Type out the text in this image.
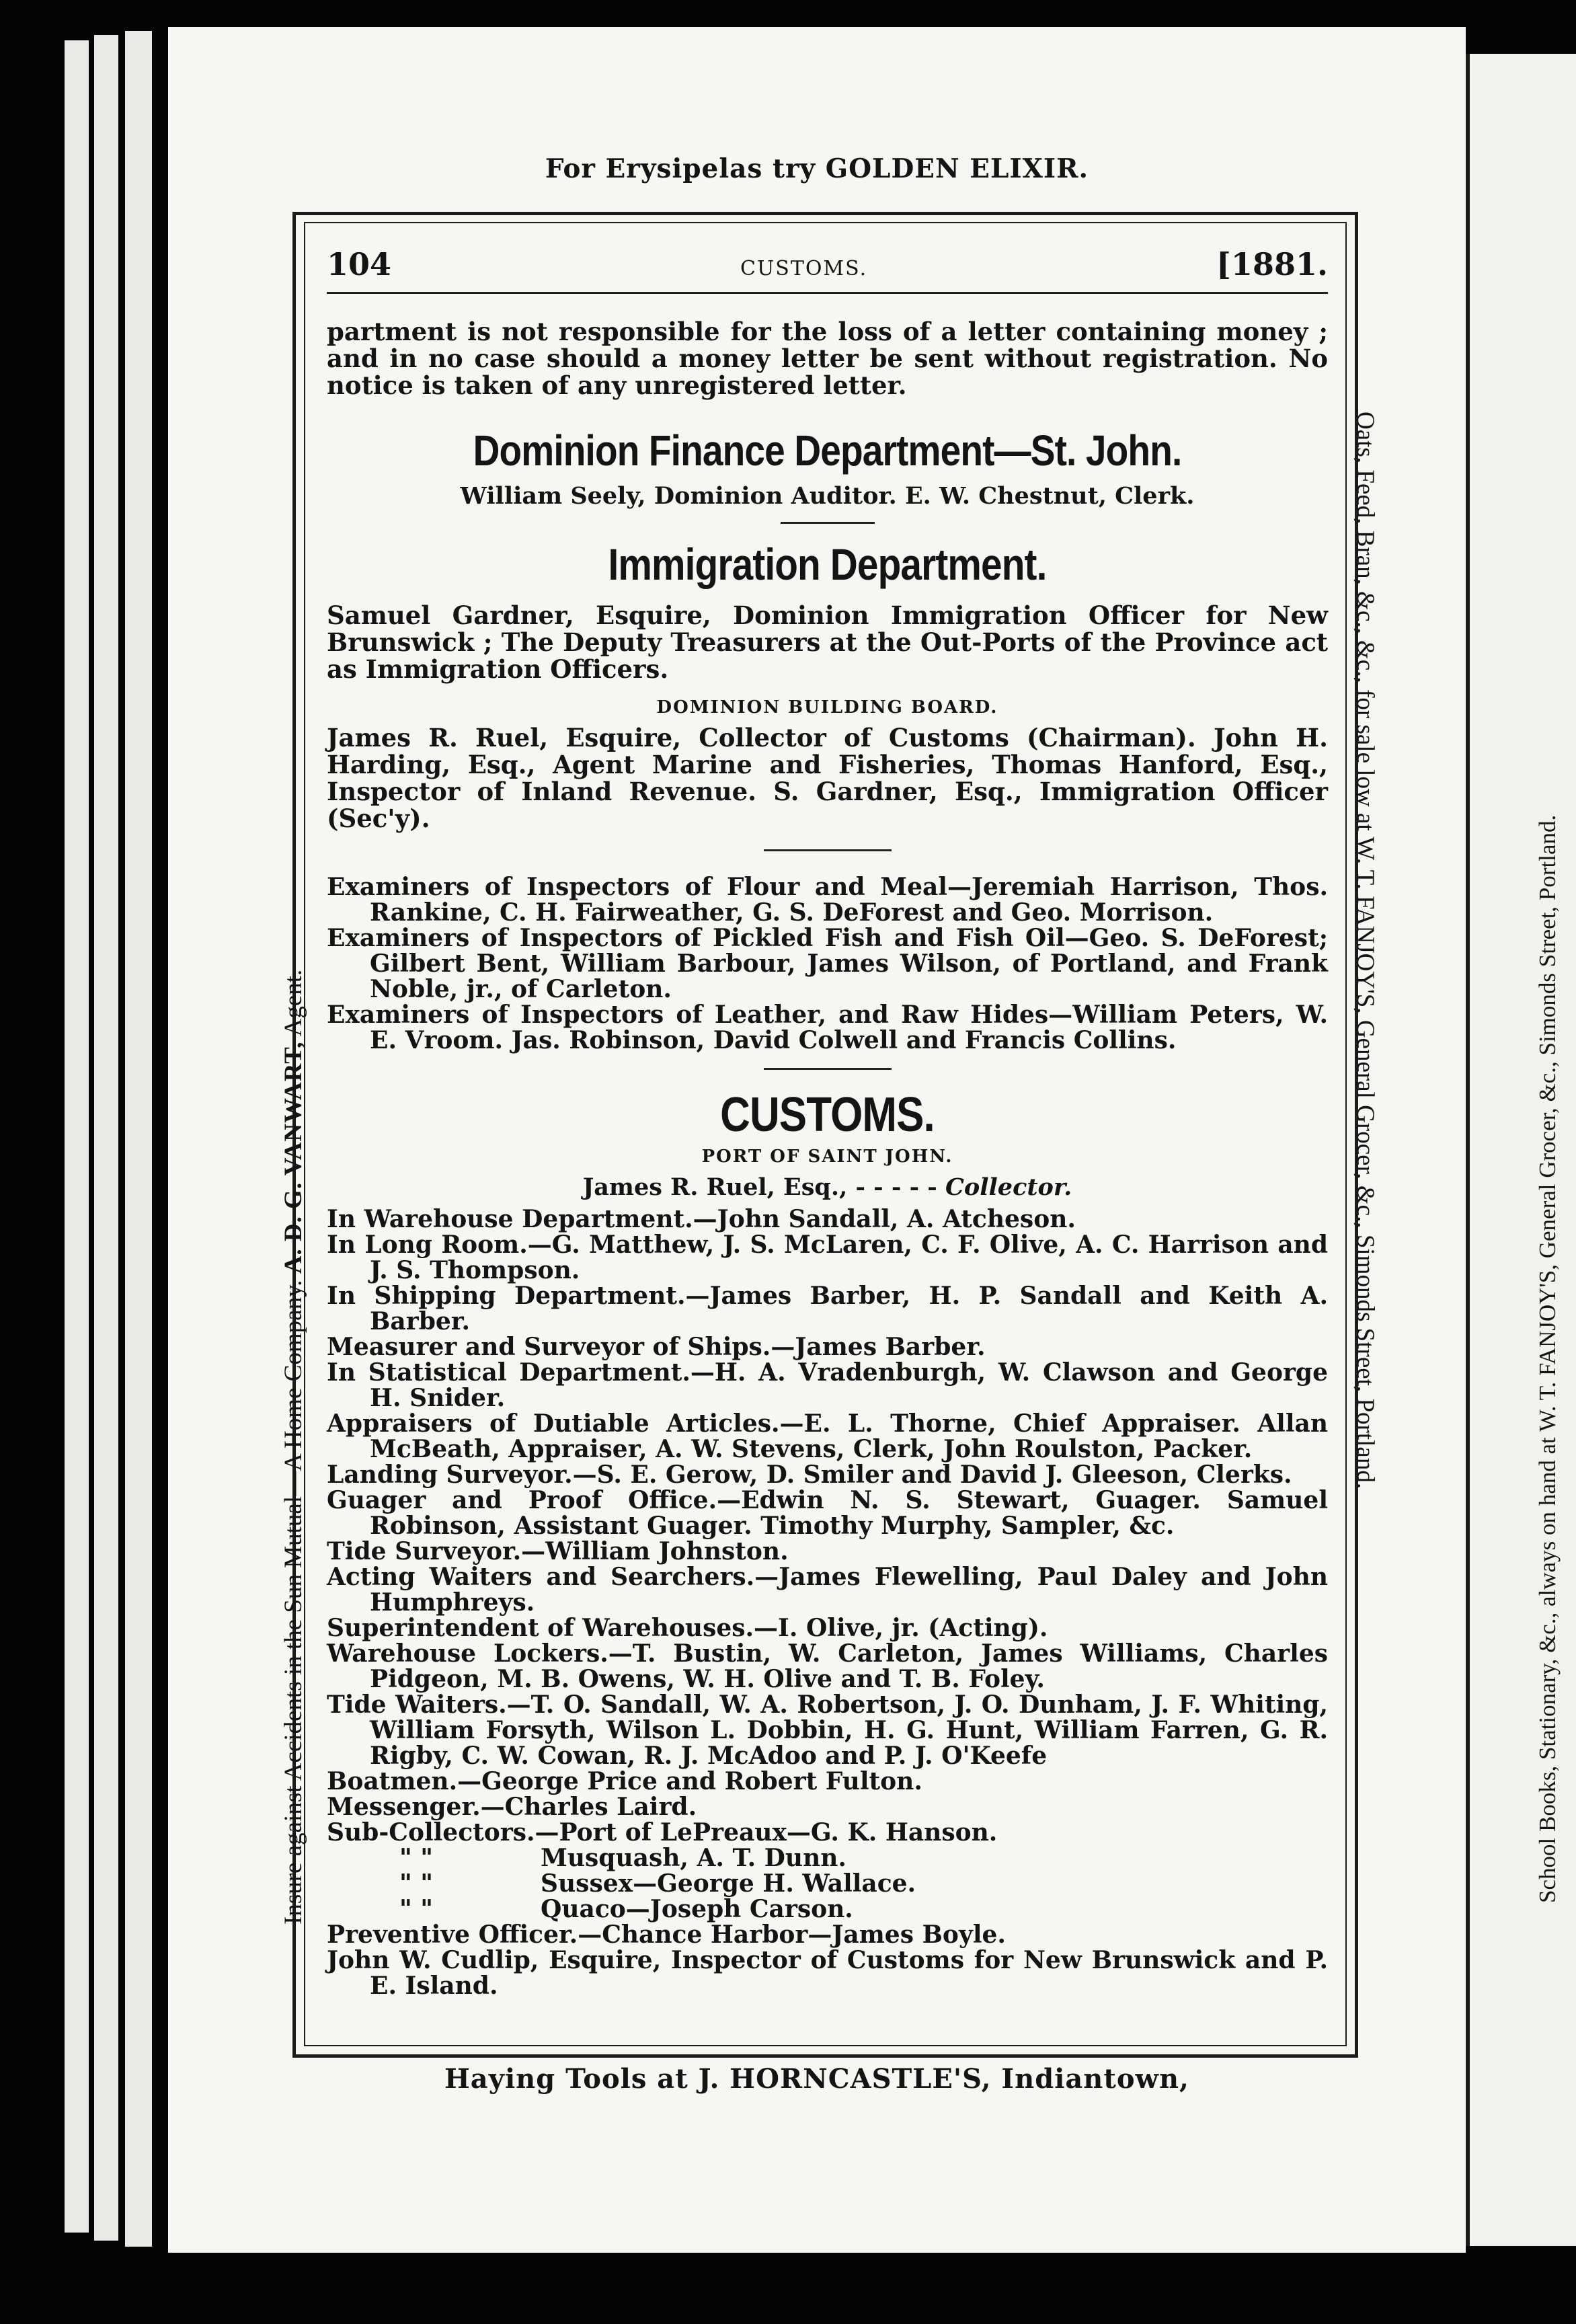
For Erysipelas try GOLDEN ELIXIR.
104	CUSTOMS.	[1881.

partment is not responsible for the loss of a letter containing money ; and in no case should a money letter be sent without registration. No notice is taken of any unregistered letter.

Dominion Finance Department—St. John.
William Seely, Dominion Auditor. E. W. Chestnut, Clerk.
Immigration Department.

Samuel Gardner, Esquire, Dominion Immigration Officer for New Brunswick ; The Deputy Treasurers at the Out-Ports of the Province act as Immigration Officers.

DOMINION BUILDING BOARD.

James R. Ruel, Esquire, Collector of Customs (Chairman). John H. Harding, Esq., Agent Marine and Fisheries, Thomas Hanford, Esq., Inspector of Inland Revenue. S. Gardner, Esq., Immigration Officer (Sec'y).

Examiners of Inspectors of Flour and Meal—Jeremiah Harrison, Thos. Rankine, C. H. Fairweather, G. S. DeForest and Geo. Morrison.

Examiners of Inspectors of Pickled Fish and Fish Oil—Geo. S. DeForest; Gilbert Bent, William Barbour, James Wilson, of Portland, and Frank Noble, jr., of Carleton.

Examiners of Inspectors of Leather, and Raw Hides—William Peters, W. E. Vroom. Jas. Robinson, David Colwell and Francis Collins.

CUSTOMS.
PORT OF SAINT JOHN.
James R. Ruel, Esq., - - - - - Collector.

In Warehouse Department.—John Sandall, A. Atcheson.

In Long Room.—G. Matthew, J. S. McLaren, C. F. Olive, A. C. Harrison and J. S. Thompson.

In Shipping Department.—James Barber, H. P. Sandall and Keith A. Barber.

Measurer and Surveyor of Ships.—James Barber.

In Statistical Department.—H. A. Vradenburgh, W. Clawson and George H. Snider.

Appraisers of Dutiable Articles.—E. L. Thorne, Chief Appraiser. Allan McBeath, Appraiser, A. W. Stevens, Clerk, John Roulston, Packer.

Landing Surveyor.—S. E. Gerow, D. Smiler and David J. Gleeson, Clerks.

Guager and Proof Office.—Edwin N. S. Stewart, Guager. Samuel Robinson, Assistant Guager. Timothy Murphy, Sampler, &c.

Tide Surveyor.—William Johnston.

Acting Waiters and Searchers.—James Flewelling, Paul Daley and John Humphreys.

Superintendent of Warehouses.—I. Olive, jr. (Acting).

Warehouse Lockers.—T. Bustin, W. Carleton, James Williams, Charles Pidgeon, M. B. Owens, W. H. Olive and T. B. Foley.

Tide Waiters.—T. O. Sandall, W. A. Robertson, J. O. Dunham, J. F. Whiting, William Forsyth, Wilson L. Dobbin, H. G. Hunt, William Farren, G. R. Rigby, C. W. Cowan, R. J. McAdoo and P. J. O'Keefe

Boatmen.—George Price and Robert Fulton.

Messenger.—Charles Laird.

Sub-Collectors.—Port of LePreaux—G. K. Hanson.
" "	Musquash, A. T. Dunn.
" "	Sussex—George H. Wallace.
" "	Quaco—Joseph Carson.

Preventive Officer.—Chance Harbor—James Boyle.

John W. Cudlip, Esquire, Inspector of Customs for New Brunswick and P. E. Island.

Haying Tools at J. HORNCASTLE'S, Indiantown,
Insure against Accidents in the Sun Mutual—A Home Company. A. D. G. VANWART, Agent.	Oats, Feed, Bran, &c., &c., for sale low at W. T. FANJOY'S, General Grocer, &c., Simonds Street, Portland.	School Books, Stationary, &c., always on hand at W. T. FANJOY'S, General Grocer, &c., Simonds Street, Portland.
